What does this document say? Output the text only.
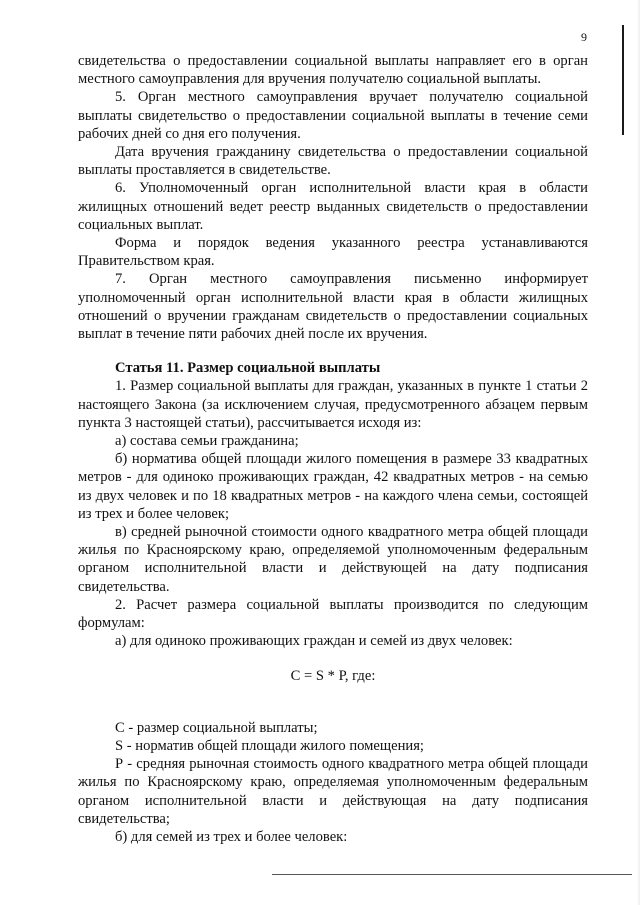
9

свидетельства о предоставлении социальной выплаты направляет его в орган местного самоуправления для вручения получателю социальной выплаты.

5. Орган местного самоуправления вручает получателю социальной выплаты свидетельство о предоставлении социальной выплаты в течение семи рабочих дней со дня его получения.

Дата вручения гражданину свидетельства о предоставлении социальной выплаты проставляется в свидетельстве.

6. Уполномоченный орган исполнительной власти края в области жилищных отношений ведет реестр выданных свидетельств о предоставлении социальных выплат.

Форма и порядок ведения указанного реестра устанавливаются Правительством края.

7. Орган местного самоуправления письменно информирует уполномоченный орган исполнительной власти края в области жилищных отношений о вручении гражданам свидетельств о предоставлении социальных выплат в течение пяти рабочих дней после их вручения.

Статья 11. Размер социальной выплаты

1. Размер социальной выплаты для граждан, указанных в пункте 1 статьи 2 настоящего Закона (за исключением случая, предусмотренного абзацем первым пункта 3 настоящей статьи), рассчитывается исходя из:

а) состава семьи гражданина;

б) норматива общей площади жилого помещения в размере 33 квадратных метров - для одиноко проживающих граждан, 42 квадратных метров - на семью из двух человек и по 18 квадратных метров - на каждого члена семьи, состоящей из трех и более человек;

в) средней рыночной стоимости одного квадратного метра общей площади жилья по Красноярскому краю, определяемой уполномоченным федеральным органом исполнительной власти и действующей на дату подписания свидетельства.

2. Расчет размера социальной выплаты производится по следующим формулам:

а) для одиноко проживающих граждан и семей из двух человек:

С = S * Р, где:

С - размер социальной выплаты;

S - норматив общей площади жилого помещения;

Р - средняя рыночная стоимость одного квадратного метра общей площади жилья по Красноярскому краю, определяемая уполномоченным федеральным органом исполнительной власти и действующая на дату подписания свидетельства;

б) для семей из трех и более человек:
